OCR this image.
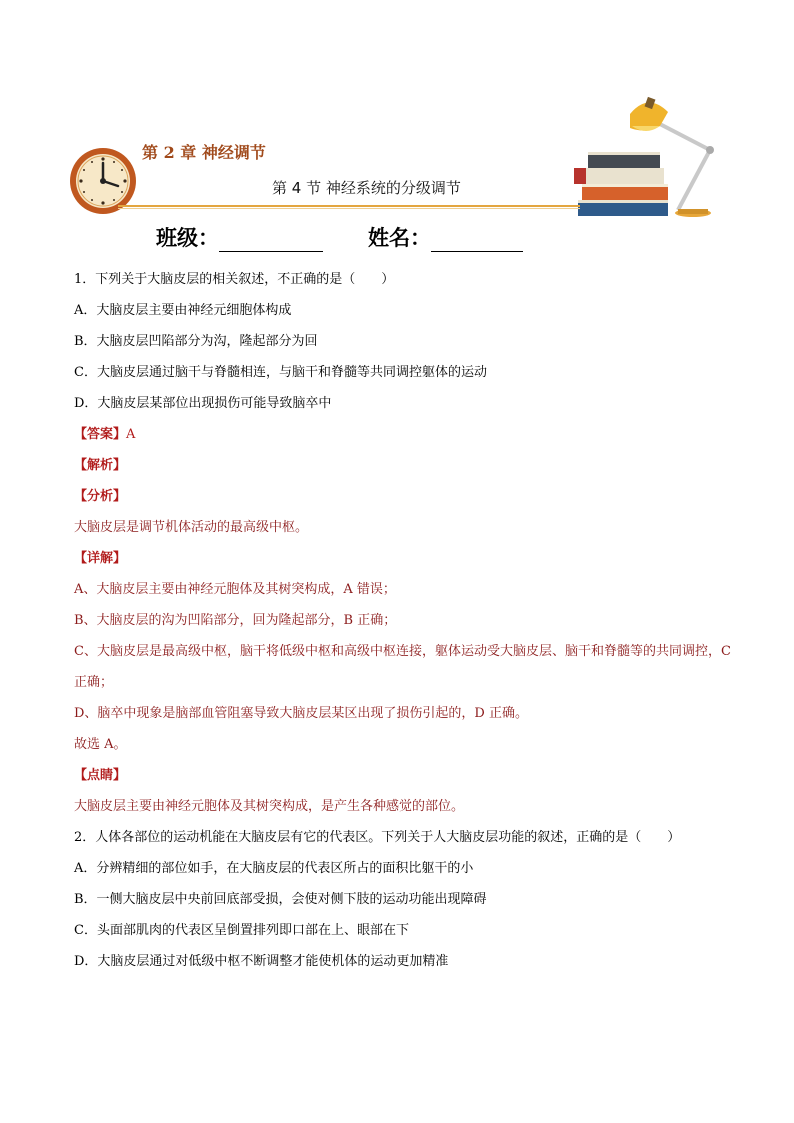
第 2 章 神经调节
第 4 节 神经系统的分级调节
班级：	姓名：

1．下列关于大脑皮层的相关叙述，不正确的是（　　）

A．大脑皮层主要由神经元细胞体构成

B．大脑皮层凹陷部分为沟，隆起部分为回

C．大脑皮层通过脑干与脊髓相连，与脑干和脊髓等共同调控躯体的运动

D．大脑皮层某部位出现损伤可能导致脑卒中

【答案】A

【解析】

【分析】

大脑皮层是调节机体活动的最高级中枢。

【详解】

A、大脑皮层主要由神经元胞体及其树突构成，A 错误；

B、大脑皮层的沟为凹陷部分，回为隆起部分，B 正确；

C、大脑皮层是最高级中枢，脑干将低级中枢和高级中枢连接，躯体运动受大脑皮层、脑干和脊髓等的共同调控，C 正确；

D、脑卒中现象是脑部血管阻塞导致大脑皮层某区出现了损伤引起的，D 正确。

故选 A。

【点睛】

大脑皮层主要由神经元胞体及其树突构成，是产生各种感觉的部位。

2．人体各部位的运动机能在大脑皮层有它的代表区。下列关于人大脑皮层功能的叙述，正确的是（　　）

A．分辨精细的部位如手，在大脑皮层的代表区所占的面积比躯干的小

B．一侧大脑皮层中央前回底部受损，会使对侧下肢的运动功能出现障碍

C．头面部肌肉的代表区呈倒置排列即口部在上、眼部在下

D．大脑皮层通过对低级中枢不断调整才能使机体的运动更加精准
